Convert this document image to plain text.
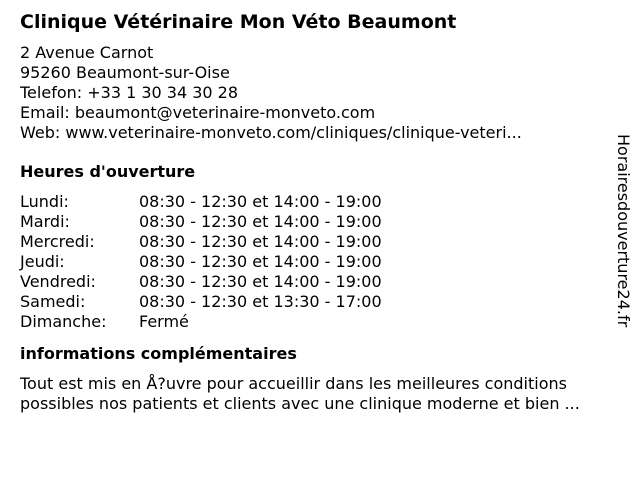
Clinique Vétérinaire Mon Véto Beaumont
2 Avenue Carnot
95260 Beaumont-sur-Oise
Telefon: +33 1 30 34 30 28
Email: beaumont@veterinaire-monveto.com
Web: www.veterinaire-monveto.com/cliniques/clinique-veteri...
Heures d'ouverture
Lundi:	08:30 - 12:30 et 14:00 - 19:00
Mardi:	08:30 - 12:30 et 14:00 - 19:00
Mercredi:	08:30 - 12:30 et 14:00 - 19:00
Jeudi:	08:30 - 12:30 et 14:00 - 19:00
Vendredi:	08:30 - 12:30 et 14:00 - 19:00
Samedi:	08:30 - 12:30 et 13:30 - 17:00
Dimanche:	Fermé
informations complémentaires
Tout est mis en Å?uvre pour accueillir dans les meilleures conditions
possibles nos patients et clients avec une clinique moderne et bien ...
Horairesdouverture24.fr
